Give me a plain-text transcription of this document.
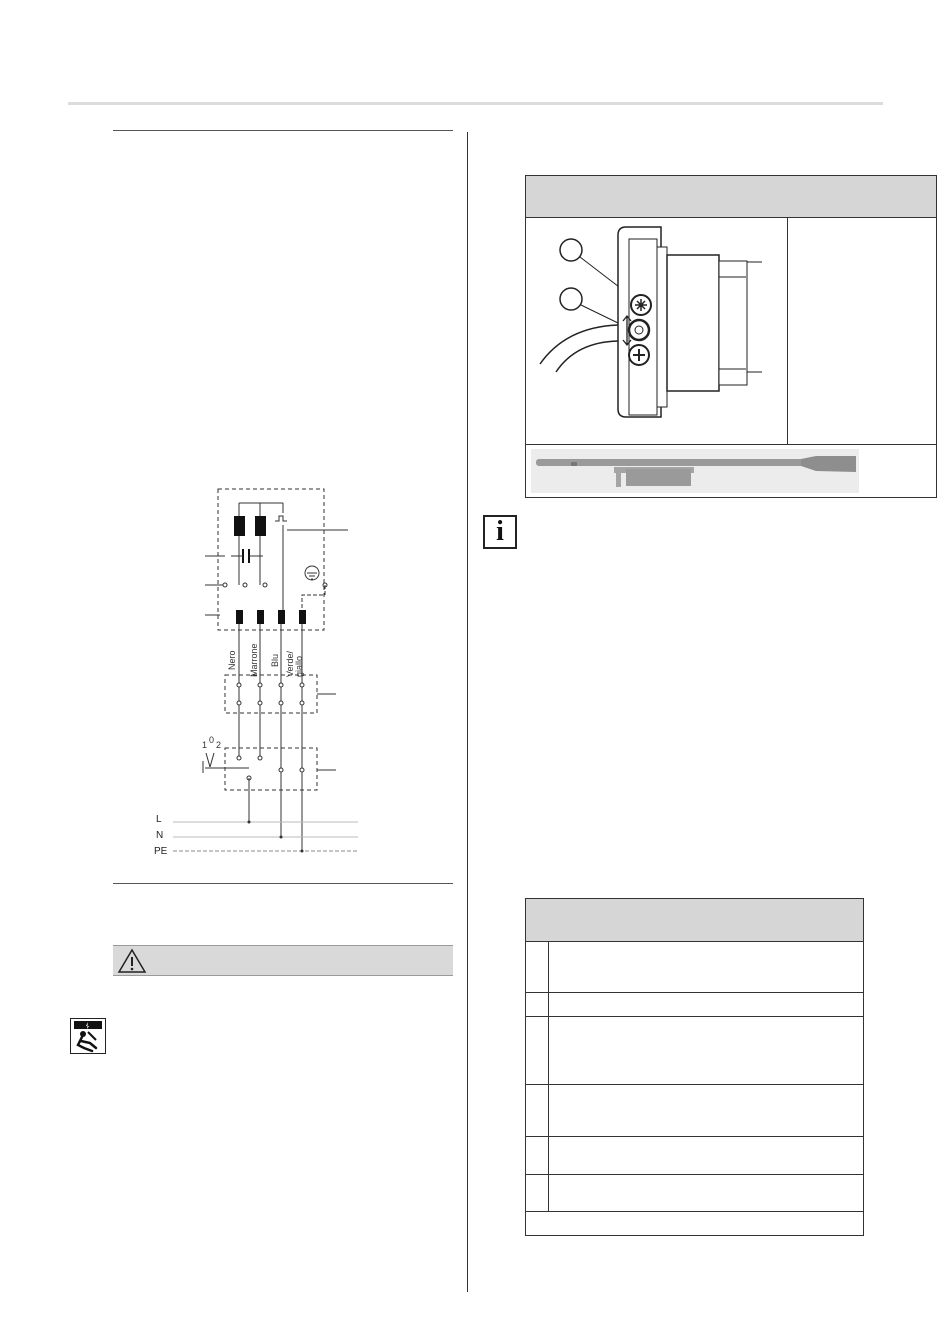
Nero Marrone Blu Verde/ giallo
1 0 2
L
N
PE
i
